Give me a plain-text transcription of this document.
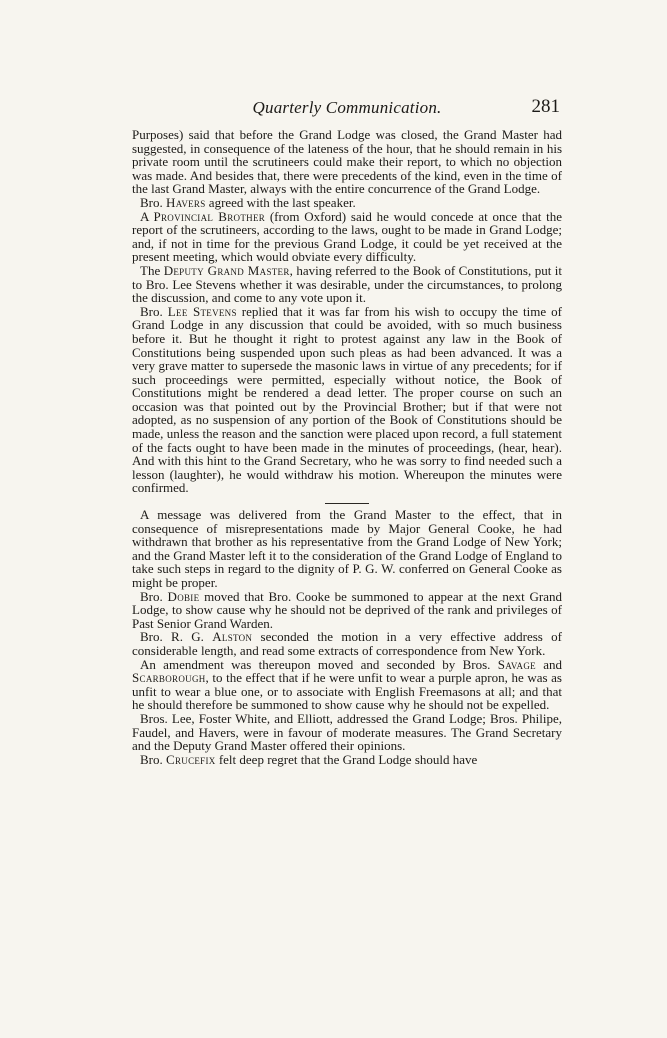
Quarterly Communication.	281

Purposes) said that before the Grand Lodge was closed, the Grand Master had suggested, in consequence of the lateness of the hour, that he should remain in his private room until the scrutineers could make their report, to which no objection was made. And besides that, there were precedents of the kind, even in the time of the last Grand Master, always with the entire concurrence of the Grand Lodge.

Bro. Havers agreed with the last speaker.

A Provincial Brother (from Oxford) said he would concede at once that the report of the scrutineers, according to the laws, ought to be made in Grand Lodge; and, if not in time for the previous Grand Lodge, it could be yet received at the present meeting, which would obviate every difficulty.

The Deputy Grand Master, having referred to the Book of Constitutions, put it to Bro. Lee Stevens whether it was desirable, under the circumstances, to prolong the discussion, and come to any vote upon it.

Bro. Lee Stevens replied that it was far from his wish to occupy the time of Grand Lodge in any discussion that could be avoided, with so much business before it. But he thought it right to protest against any law in the Book of Constitutions being suspended upon such pleas as had been advanced. It was a very grave matter to supersede the masonic laws in virtue of any precedents; for if such proceedings were permitted, especially without notice, the Book of Constitutions might be rendered a dead letter. The proper course on such an occasion was that pointed out by the Provincial Brother; but if that were not adopted, as no suspension of any portion of the Book of Constitutions should be made, unless the reason and the sanction were placed upon record, a full statement of the facts ought to have been made in the minutes of proceedings, (hear, hear). And with this hint to the Grand Secretary, who he was sorry to find needed such a lesson (laughter), he would withdraw his motion. Whereupon the minutes were confirmed.

A message was delivered from the Grand Master to the effect, that in consequence of misrepresentations made by Major General Cooke, he had withdrawn that brother as his representative from the Grand Lodge of New York; and the Grand Master left it to the consideration of the Grand Lodge of England to take such steps in regard to the dignity of P. G. W. conferred on General Cooke as might be proper.

Bro. Dobie moved that Bro. Cooke be summoned to appear at the next Grand Lodge, to show cause why he should not be deprived of the rank and privileges of Past Senior Grand Warden.

Bro. R. G. Alston seconded the motion in a very effective address of considerable length, and read some extracts of correspondence from New York.

An amendment was thereupon moved and seconded by Bros. Savage and Scarborough, to the effect that if he were unfit to wear a purple apron, he was as unfit to wear a blue one, or to associate with English Freemasons at all; and that he should therefore be summoned to show cause why he should not be expelled.

Bros. Lee, Foster White, and Elliott, addressed the Grand Lodge; Bros. Philipe, Faudel, and Havers, were in favour of moderate measures. The Grand Secretary and the Deputy Grand Master offered their opinions.

Bro. Crucefix felt deep regret that the Grand Lodge should have
